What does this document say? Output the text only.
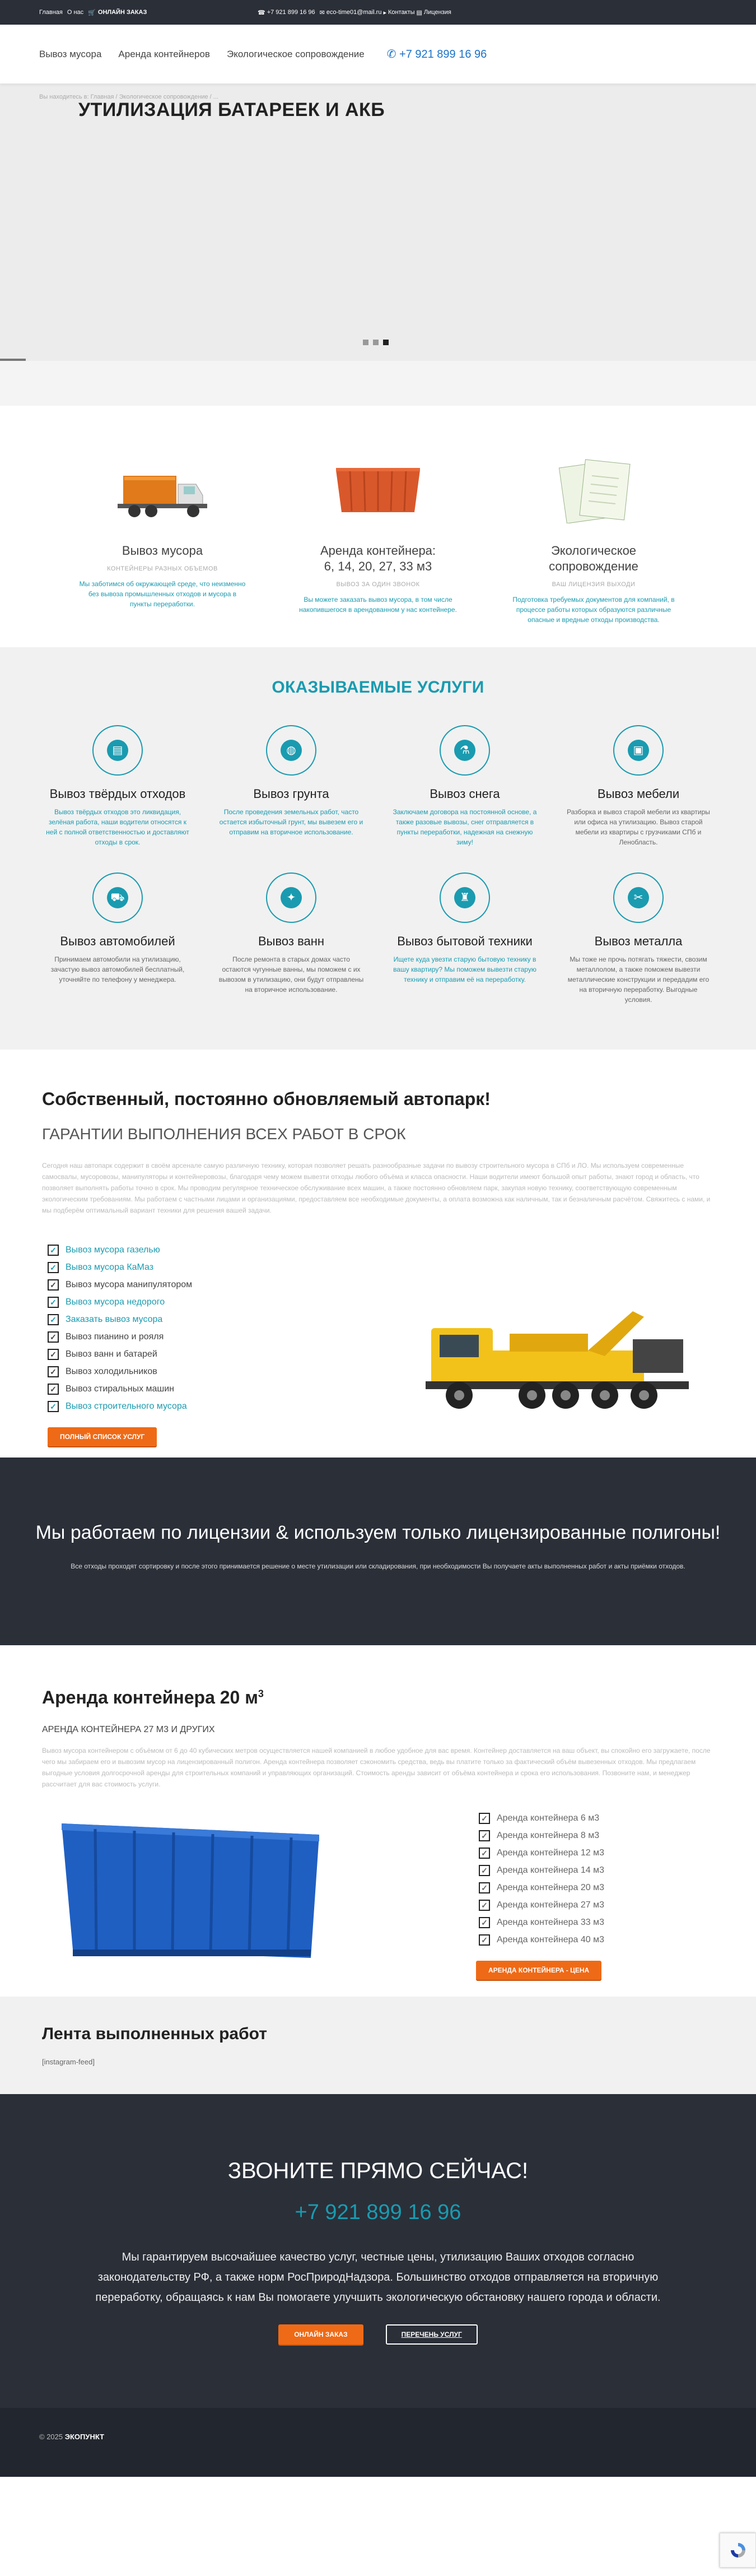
Главная О нас 🛒 ОНЛАЙН ЗАКАЗ	☎ +7 921 899 16 96 ✉ eco-time01@mail.ru ▸ Контакты ▤ Лицензия
Вывоз мусора Аренда контейнеров Экологическое сопровождение ✆ +7 921 899 16 96
Вы находитесь в: Главная / Экологическое сопровождение / ...
УТИЛИЗАЦИЯ БАТАРЕЕК И АКБ
Вывоз мусора
КОНТЕЙНЕРЫ РАЗНЫХ ОБЪЕМОВ

Мы заботимся об окружающей среде, что неизменно без вывоза промышленных отходов и мусора в пункты переработки.

Аренда контейнера:
6, 14, 20, 27, 33 м3
ВЫВОЗ ЗА ОДИН ЗВОНОК

Вы можете заказать вывоз мусора, в том числе накопившегося в арендованном у нас контейнере.

Экологическое сопровождение
ВАШ ЛИЦЕНЗИЯ ВЫХОДИ

Подготовка требуемых документов для компаний, в процессе работы которых образуются различные опасные и вредные отходы производства.

ОКАЗЫВАЕМЫЕ УСЛУГИ
▤
Вывоз твёрдых отходов

Вывоз твёрдых отходов это ликвидация, зелёная работа, наши водители относятся к ней с полной ответственностью и доставляют отходы в срок.

◍
Вывоз грунта

После проведения земельных работ, часто остается избыточный грунт, мы вывезем его и отправим на вторичное использование.

⚗
Вывоз снега

Заключаем договора на постоянной основе, а также разовые вывозы, снег отправляется в пункты переработки, надежная на снежную зиму!

▣
Вывоз мебели

Разборка и вывоз старой мебели из квартиры или офиса на утилизацию. Вывоз старой мебели из квартиры с грузчиками СПб и Ленобласть.

⛟
Вывоз автомобилей

Принимаем автомобили на утилизацию, зачастую вывоз автомобилей бесплатный, уточняйте по телефону у менеджера.

✦
Вывоз ванн

После ремонта в старых домах часто остаются чугунные ванны, мы поможем с их вывозом в утилизацию, они будут отправлены на вторичное использование.

♜
Вывоз бытовой техники

Ищете куда увезти старую бытовую технику в вашу квартиру? Мы поможем вывезти старую технику и отправим её на переработку.

✂
Вывоз металла

Мы тоже не прочь потягать тяжести, свозим металлолом, а также поможем вывезти металлические конструкции и передадим его на вторичную переработку. Выгодные условия.

Собственный, постоянно обновляемый автопарк!
ГАРАНТИИ ВЫПОЛНЕНИЯ ВСЕХ РАБОТ В СРОК

Сегодня наш автопарк содержит в своём арсенале самую различную технику, которая позволяет решать разнообразные задачи по вывозу строительного мусора в СПб и ЛО. Мы используем современные самосвалы, мусоровозы, манипуляторы и контейнеровозы, благодаря чему можем вывезти отходы любого объёма и класса опасности. Наши водители имеют большой опыт работы, знают город и область, что позволяет выполнять работы точно в срок. Мы проводим регулярное техническое обслуживание всех машин, а также постоянно обновляем парк, закупая новую технику, соответствующую современным экологическим требованиям. Мы работаем с частными лицами и организациями, предоставляем все необходимые документы, а оплата возможна как наличным, так и безналичным расчётом. Свяжитесь с нами, и мы подберём оптимальный вариант техники для решения вашей задачи.

✓ Вывоз мусора газелью
✓ Вывоз мусора КаМаз
✓ Вывоз мусора манипулятором
✓ Вывоз мусора недорого
✓ Заказать вывоз мусора
✓ Вывоз пианино и рояля
✓ Вывоз ванн и батарей
✓ Вывоз холодильников
✓ Вывоз стиральных машин
✓ Вывоз строительного мусора
ПОЛНЫЙ СПИСОК УСЛУГ
Мы работаем по лицензии & используем только лицензированные полигоны!

Все отходы проходят сортировку и после этого принимается решение о месте утилизации или складирования, при необходимости Вы получаете акты выполненных работ и акты приёмки отходов.

Аренда контейнера 20 $м^3$
АРЕНДА КОНТЕЙНЕРА 27 М3 И ДРУГИХ

Вывоз мусора контейнером с объёмом от 6 до 40 кубических метров осуществляется нашей компанией в любое удобное для вас время. Контейнер доставляется на ваш объект, вы спокойно его загружаете, после чего мы забираем его и вывозим мусор на лицензированный полигон. Аренда контейнера позволяет сэкономить средства, ведь вы платите только за фактический объём вывезенных отходов. Мы предлагаем выгодные условия долгосрочной аренды для строительных компаний и управляющих организаций. Стоимость аренды зависит от объёма контейнера и срока его использования. Позвоните нам, и менеджер рассчитает для вас стоимость услуги.

✓ Аренда контейнера 6 м3
✓ Аренда контейнера 8 м3
✓ Аренда контейнера 12 м3
✓ Аренда контейнера 14 м3
✓ Аренда контейнера 20 м3
✓ Аренда контейнера 27 м3
✓ Аренда контейнера 33 м3
✓ Аренда контейнера 40 м3
АРЕНДА КОНТЕЙНЕРА - ЦЕНА
Лента выполненных работ

[instagram-feed]

ЗВОНИТЕ ПРЯМО СЕЙЧАС!
+7 921 899 16 96

Мы гарантируем высочайшее качество услуг, честные цены, утилизацию Ваших отходов согласно законодательству РФ, а также норм РосПриродНадзора. Большинство отходов отправляется на вторичную переработку, обращаясь к нам Вы помогаете улучшить экологическую обстановку нашего города и области.

ОНЛАЙН ЗАКАЗ	ПЕРЕЧЕНЬ УСЛУГ
© 2025 ЭКОПУНКТ
